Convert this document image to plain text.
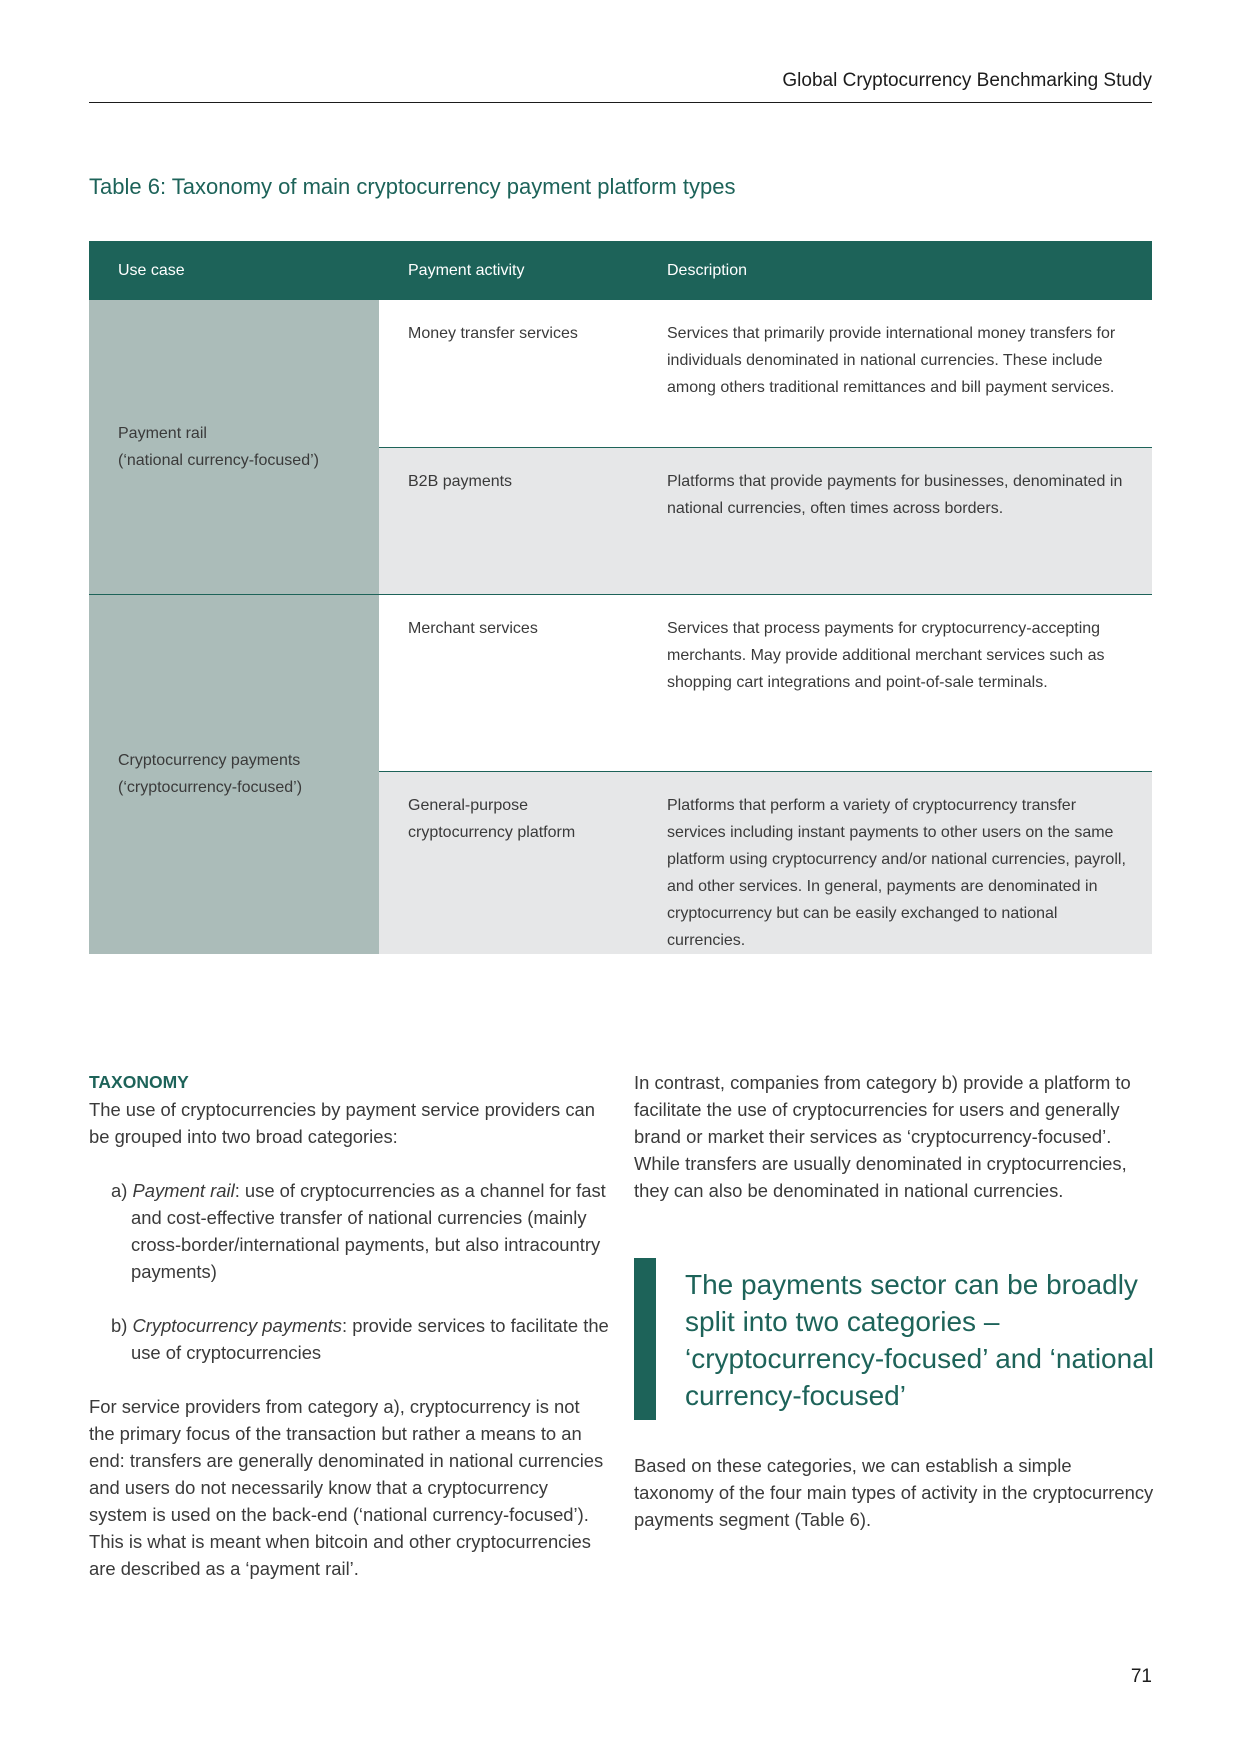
Global Cryptocurrency Benchmarking Study
Table 6: Taxonomy of main cryptocurrency payment platform types
Use case	Payment activity	Description

Payment rail
(‘national currency-focused’)	Money transfer services	Services that primarily provide international money transfers for individuals denominated in national currencies. These include among others traditional remittances and bill payment services.
	B2B payments	Platforms that provide payments for businesses, denominated in national currencies, often times across borders.

Cryptocurrency payments
(‘cryptocurrency-focused’)	Merchant services	Services that process payments for cryptocurrency-accepting merchants. May provide additional merchant services such as shopping cart integrations and point-of-sale terminals.
	General-purpose cryptocurrency platform	Platforms that perform a variety of cryptocurrency transfer services including instant payments to other users on the same platform using cryptocurrency and/or national currencies, payroll, and other services. In general, payments are denominated in cryptocurrency but can be easily exchanged to national currencies.
TAXONOMY

The use of cryptocurrencies by payment service providers can be grouped into two broad categories:

a) Payment rail: use of cryptocurrencies as a channel for fast and cost-effective transfer of national currencies (mainly cross-border/international payments, but also intracountry payments)

b) Cryptocurrency payments: provide services to facilitate the use of cryptocurrencies

For service providers from category a), cryptocurrency is not the primary focus of the transaction but rather a means to an end: transfers are generally denominated in national currencies and users do not necessarily know that a cryptocurrency system is used on the back-end (‘national currency-focused’). This is what is meant when bitcoin and other cryptocurrencies are described as a ‘payment rail’.

In contrast, companies from category b) provide a platform to facilitate the use of cryptocurrencies for users and generally brand or market their services as ‘cryptocurrency-focused’. While transfers are usually denominated in cryptocurrencies, they can also be denominated in national currencies.

The payments sector can be broadly split into two categories – ‘cryptocurrency-focused’ and ‘national currency-focused’

Based on these categories, we can establish a simple taxonomy of the four main types of activity in the cryptocurrency payments segment (Table 6).

71
